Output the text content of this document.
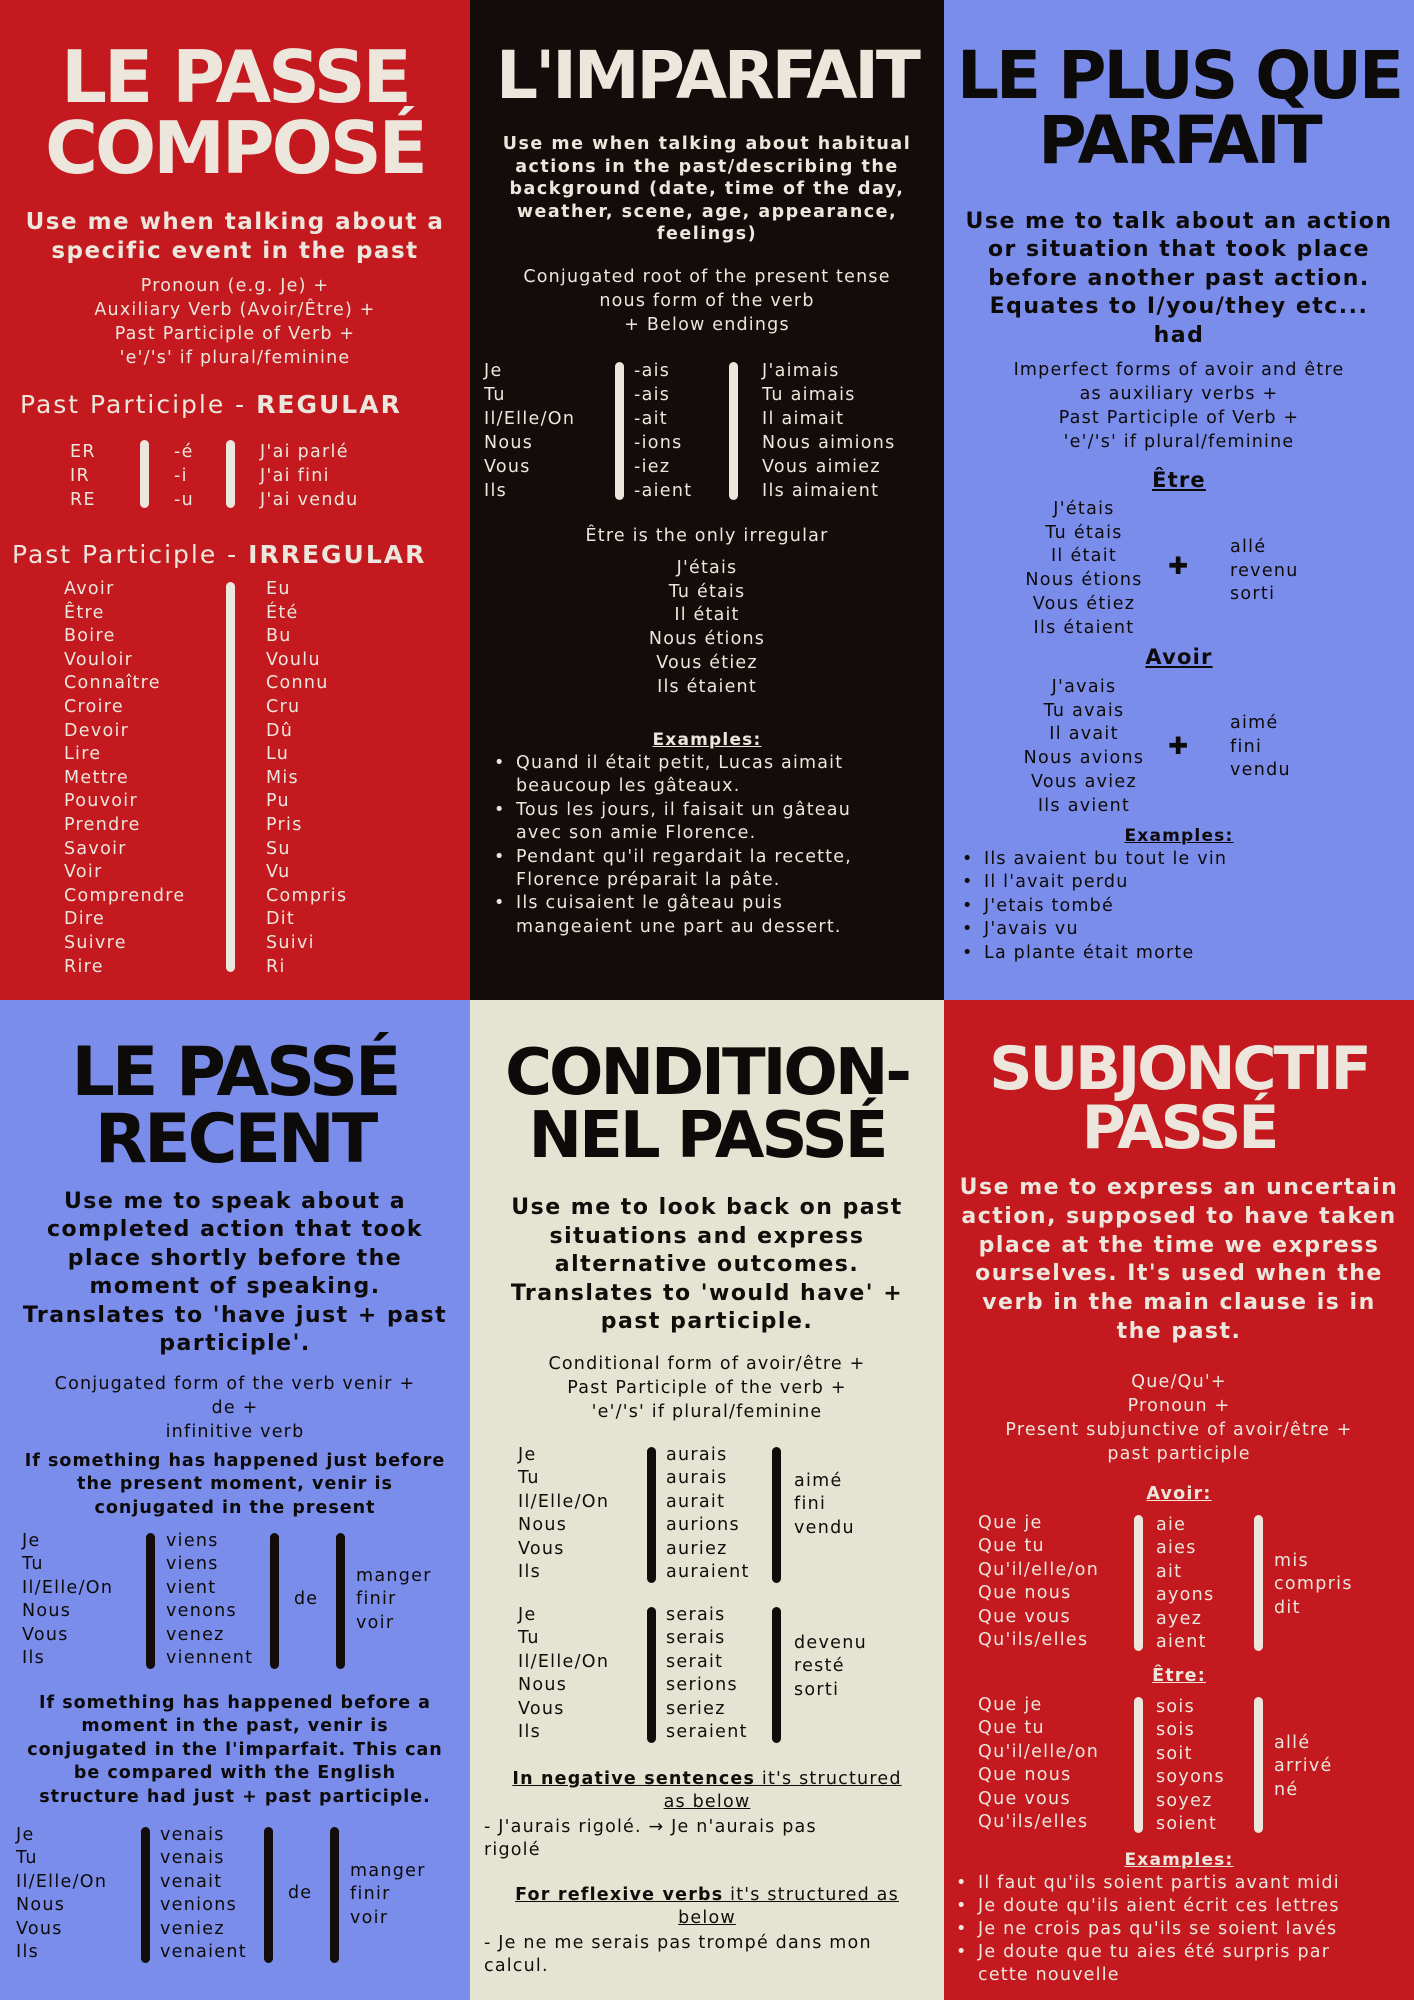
LE PASSE
COMPOSÉ
Use me when talking about a
specific event in the past
Pronoun (e.g. Je) +
Auxiliary Verb (Avoir/Être) +
Past Participle of Verb +
'e'/'s' if plural/feminine
Past Participle - REGULAR
ER
IR
RE
-é
-i
-u
J'ai parlé
J'ai fini
J'ai vendu
Past Participle - IRREGULAR
Avoir
Être
Boire
Vouloir
Connaître
Croire
Devoir
Lire
Mettre
Pouvoir
Prendre
Savoir
Voir
Comprendre
Dire
Suivre
Rire
Eu
Été
Bu
Voulu
Connu
Cru
Dû
Lu
Mis
Pu
Pris
Su
Vu
Compris
Dit
Suivi
Ri
L'IMPARFAIT
Use me when talking about habitual
actions in the past/describing the
background (date, time of the day,
weather, scene, age, appearance,
feelings)
Conjugated root of the present tense
nous form of the verb
+ Below endings
Je
Tu
Il/Elle/On
Nous
Vous
Ils
-ais
-ais
-ait
-ions
-iez
-aient
J'aimais
Tu aimais
Il aimait
Nous aimions
Vous aimiez
Ils aimaient
Être is the only irregular
J'étais
Tu étais
Il était
Nous étions
Vous étiez
Ils étaient
Examples:
• Quand il était petit, Lucas aimait
beaucoup les gâteaux.
• Tous les jours, il faisait un gâteau
avec son amie Florence.
• Pendant qu'il regardait la recette,
Florence préparait la pâte.
• Ils cuisaient le gâteau puis
mangeaient une part au dessert.
LE PLUS QUE
PARFAIT
Use me to talk about an action
or situation that took place
before another past action.
Equates to I/you/they etc...
had
Imperfect forms of avoir and être
as auxiliary verbs +
Past Participle of Verb +
'e'/'s' if plural/feminine
Être
J'étais
Tu étais
Il était
Nous étions
Vous étiez
Ils étaient
✚
allé
revenu
sorti
Avoir
J'avais
Tu avais
Il avait
Nous avions
Vous aviez
Ils avient
✚
aimé
fini
vendu
Examples:
• Ils avaient bu tout le vin
• Il l'avait perdu
• J'etais tombé
• J'avais vu
• La plante était morte
LE PASSÉ
RECENT
Use me to speak about a
completed action that took
place shortly before the
moment of speaking.
Translates to 'have just + past
participle'.
Conjugated form of the verb venir +
de +
infinitive verb
If something has happened just before
the present moment, venir is
conjugated in the present
Je
Tu
Il/Elle/On
Nous
Vous
Ils
viens
viens
vient
venons
venez
viennent
de
manger
finir
voir
If something has happened before a
moment in the past, venir is
conjugated in the l'imparfait. This can
be compared with the English
structure had just + past participle.
Je
Tu
Il/Elle/On
Nous
Vous
Ils
venais
venais
venait
venions
veniez
venaient
de
manger
finir
voir
CONDITION-
NEL PASSÉ
Use me to look back on past
situations and express
alternative outcomes.
Translates to 'would have' +
past participle.
Conditional form of avoir/être +
Past Participle of the verb +
'e'/'s' if plural/feminine
Je
Tu
Il/Elle/On
Nous
Vous
Ils
aurais
aurais
aurait
aurions
auriez
auraient
aimé
fini
vendu
Je
Tu
Il/Elle/On
Nous
Vous
Ils
serais
serais
serait
serions
seriez
seraient
devenu
resté
sorti
In negative sentences it's structured
as below
- J'aurais rigolé. → Je n'aurais pas
rigolé
For reflexive verbs it's structured as
below
- Je ne me serais pas trompé dans mon
calcul.
SUBJONCTIF
PASSÉ
Use me to express an uncertain
action, supposed to have taken
place at the time we express
ourselves. It's used when the
verb in the main clause is in
the past.
Que/Qu'+
Pronoun +
Present subjunctive of avoir/être +
past participle
Avoir:
Que je
Que tu
Qu'il/elle/on
Que nous
Que vous
Qu'ils/elles
aie
aies
ait
ayons
ayez
aient
mis
compris
dit
Être:
Que je
Que tu
Qu'il/elle/on
Que nous
Que vous
Qu'ils/elles
sois
sois
soit
soyons
soyez
soient
allé
arrivé
né
Examples:
• Il faut qu'ils soient partis avant midi
• Je doute qu'ils aient écrit ces lettres
• Je ne crois pas qu'ils se soient lavés
• Je doute que tu aies été surpris par
cette nouvelle
